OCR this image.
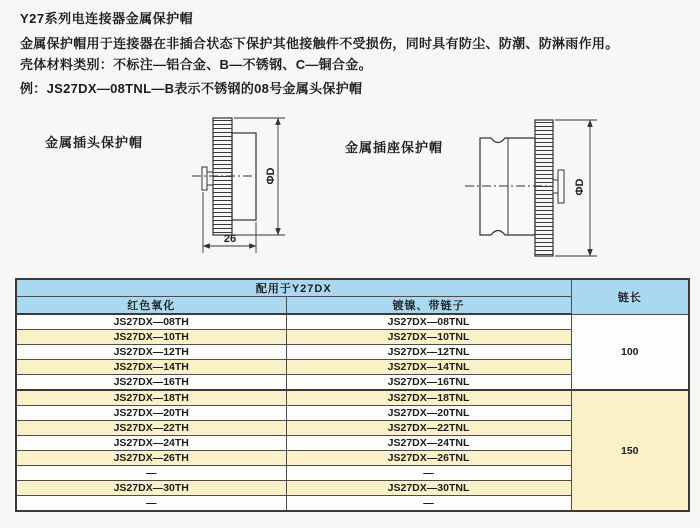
Y27系列电连接器金属保护帽
金属保护帽用于连接器在非插合状态下保护其他接触件不受损伤，同时具有防尘、防潮、防淋雨作用。
壳体材料类别：不标注—铝合金、B—不锈钢、C—铜合金。
例：JS27DX—08TNL—B表示不锈钢的08号金属头保护帽
金属插头保护帽	金属插座保护帽
ΦD
26
ΦD
配用于Y27DX		链长
红色氧化	镀镍、带链子	
JS27DX—08TH	JS27DX—08TNL	100
JS27DX—10TH	JS27DX—10TNL	
JS27DX—12TH	JS27DX—12TNL	
JS27DX—14TH	JS27DX—14TNL	
JS27DX—16TH	JS27DX—16TNL	
JS27DX—18TH	JS27DX—18TNL	150
JS27DX—20TH	JS27DX—20TNL	
JS27DX—22TH	JS27DX—22TNL	
JS27DX—24TH	JS27DX—24TNL	
JS27DX—26TH	JS27DX—26TNL	
—	—	
JS27DX—30TH	JS27DX—30TNL	
—	—	
